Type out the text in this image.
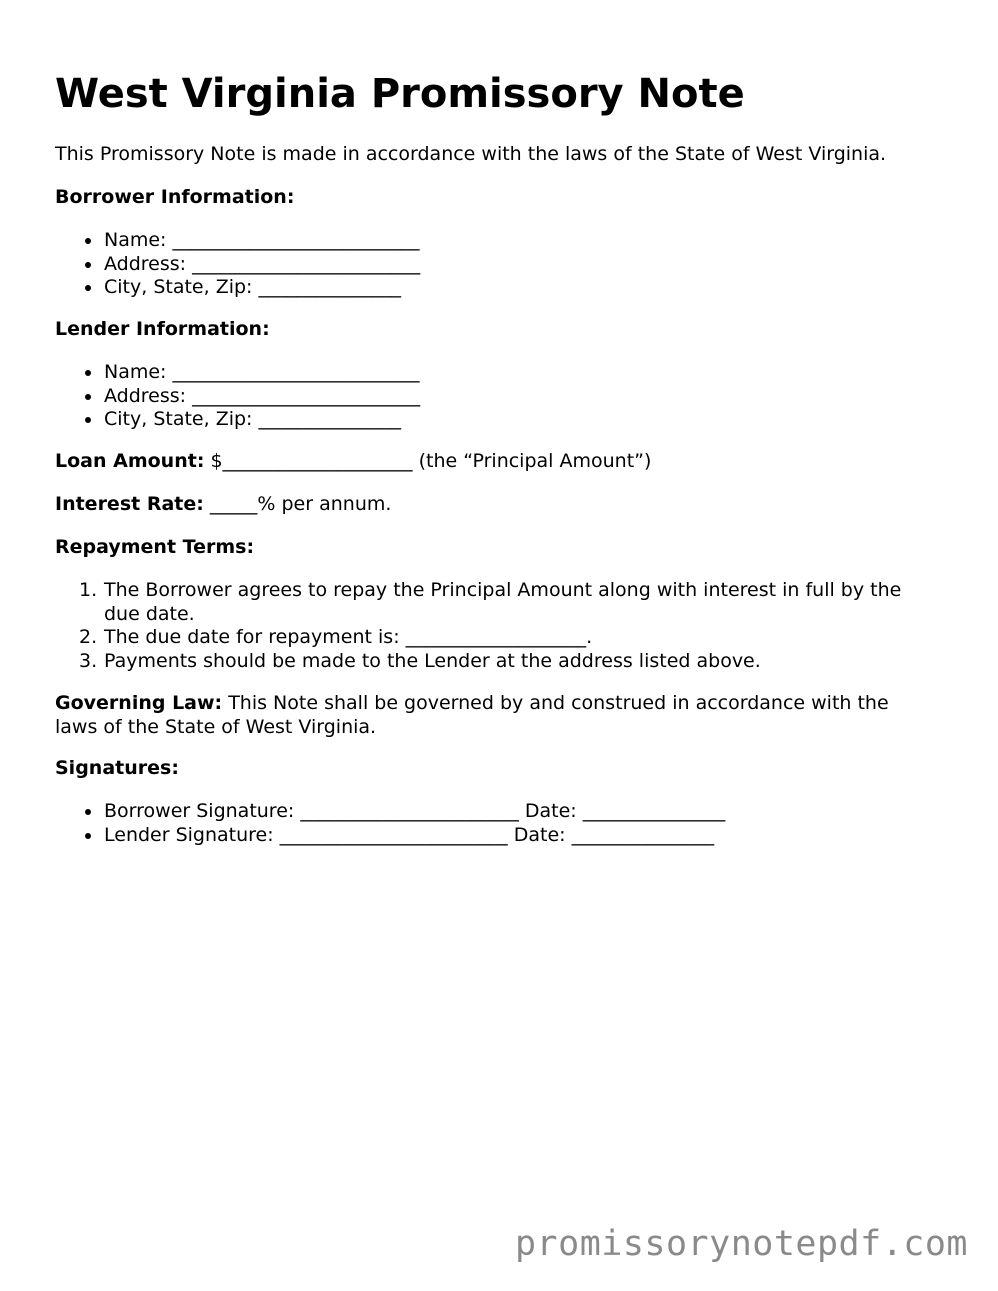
West Virginia Promissory Note
This Promissory Note is made in accordance with the laws of the State of West Virginia.
Borrower Information:
Name: __________________________
Address: ________________________
City, State, Zip: _______________
Lender Information:
Name: __________________________
Address: ________________________
City, State, Zip: _______________
Loan Amount: $____________________ (the “Principal Amount”)
Interest Rate: _____% per annum.
Repayment Terms:
1. The Borrower agrees to repay the Principal Amount along with interest in full by the due date.
2. The due date for repayment is: ___________________.
3. Payments should be made to the Lender at the address listed above.
Governing Law: This Note shall be governed by and construed in accordance with the laws of the State of West Virginia.
Signatures:
Borrower Signature: _______________________ Date: _______________
Lender Signature: ________________________ Date: _______________
promissorynotepdf.com
